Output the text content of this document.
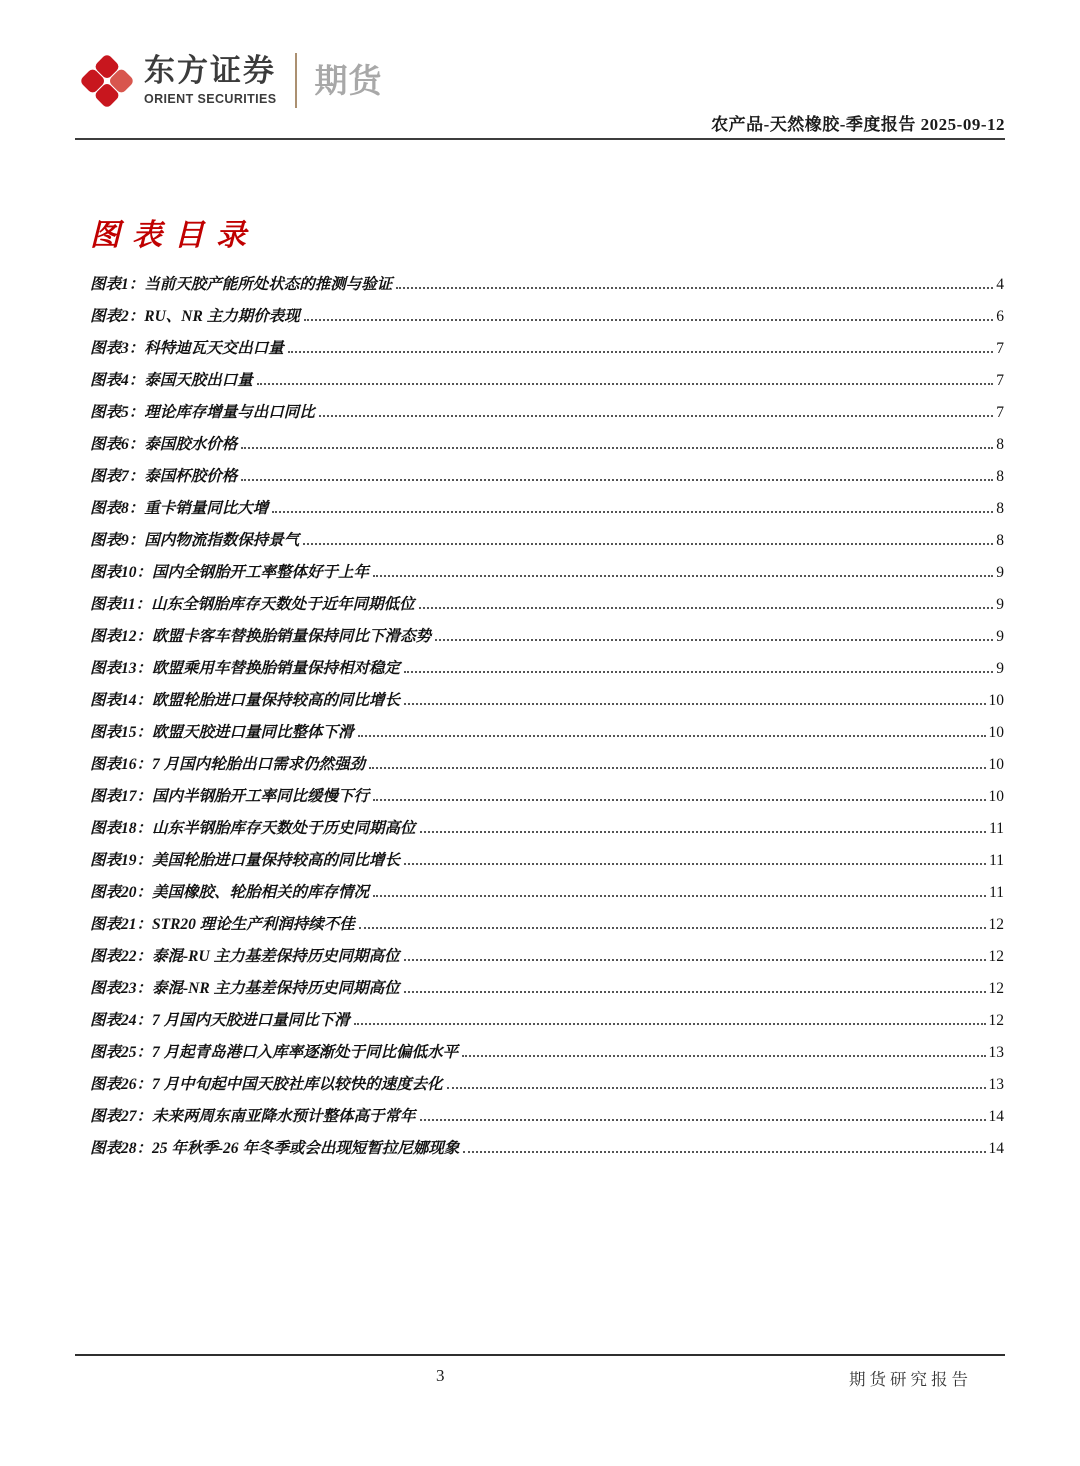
东方证券
ORIENT SECURITIES 期货
农产品-天然橡胶-季度报告 2025-09-12
图表目录
图表1：当前天胶产能所处状态的推测与验证	4
图表2：RU、NR 主力期价表现	6
图表3：科特迪瓦天交出口量	7
图表4：泰国天胶出口量	7
图表5：理论库存增量与出口同比	7
图表6：泰国胶水价格	8
图表7：泰国杯胶价格	8
图表8：重卡销量同比大增	8
图表9：国内物流指数保持景气	8
图表10：国内全钢胎开工率整体好于上年	9
图表11：山东全钢胎库存天数处于近年同期低位	9
图表12：欧盟卡客车替换胎销量保持同比下滑态势	9
图表13：欧盟乘用车替换胎销量保持相对稳定	9
图表14：欧盟轮胎进口量保持较高的同比增长	10
图表15：欧盟天胶进口量同比整体下滑	10
图表16：7 月国内轮胎出口需求仍然强劲	10
图表17：国内半钢胎开工率同比缓慢下行	10
图表18：山东半钢胎库存天数处于历史同期高位	11
图表19：美国轮胎进口量保持较高的同比增长	11
图表20：美国橡胶、轮胎相关的库存情况	11
图表21：STR20 理论生产利润持续不佳	12
图表22：泰混-RU 主力基差保持历史同期高位	12
图表23：泰混-NR 主力基差保持历史同期高位	12
图表24：7 月国内天胶进口量同比下滑	12
图表25：7 月起青岛港口入库率逐渐处于同比偏低水平	13
图表26：7 月中旬起中国天胶社库以较快的速度去化	13
图表27：未来两周东南亚降水预计整体高于常年	14
图表28：25 年秋季-26 年冬季或会出现短暂拉尼娜现象	14
3	期货研究报告
